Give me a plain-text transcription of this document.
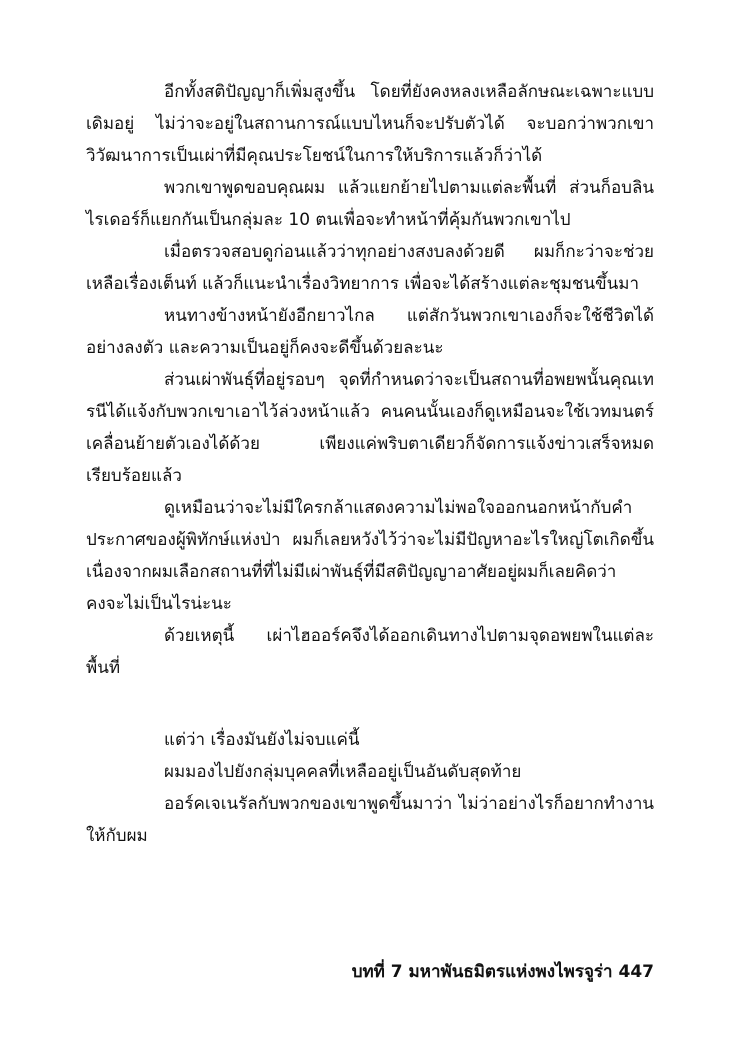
อีกทั้งสติปัญญาก็เพิ่มสูงขึ้น โดยที่ยังคงหลงเหลือลักษณะเฉพาะแบบเดิมอยู่ ไม่ว่าจะอยู่ในสถานการณ์แบบไหนก็จะปรับตัวได้ จะบอกว่าพวกเขาวิวัฒนาการเป็นเผ่าที่มีคุณประโยชน์ในการให้บริการแล้วก็ว่าได้

พวกเขาพูดขอบคุณผม แล้วแยกย้ายไปตามแต่ละพื้นที่ ส่วนก็อบลินไรเดอร์ก็แยกกันเป็นกลุ่มละ 10 ตนเพื่อจะทำหน้าที่คุ้มกันพวกเขาไป

เมื่อตรวจสอบดูก่อนแล้วว่าทุกอย่างสงบลงด้วยดี ผมก็กะว่าจะช่วยเหลือเรื่องเต็นท์ แล้วก็แนะนำเรื่องวิทยาการ เพื่อจะได้สร้างแต่ละชุมชนขึ้นมา

หนทางข้างหน้ายังอีกยาวไกล แต่สักวันพวกเขาเองก็จะใช้ชีวิตได้อย่างลงตัว และความเป็นอยู่ก็คงจะดีขึ้นด้วยละนะ

ส่วนเผ่าพันธุ์ที่อยู่รอบๆ จุดที่กำหนดว่าจะเป็นสถานที่อพยพนั้นคุณเทรนีได้แจ้งกับพวกเขาเอาไว้ล่วงหน้าแล้ว คนคนนั้นเองก็ดูเหมือนจะใช้เวทมนตร์เคลื่อนย้ายตัวเองได้ด้วย เพียงแค่พริบตาเดียวก็จัดการแจ้งข่าวเสร็จหมดเรียบร้อยแล้ว

ดูเหมือนว่าจะไม่มีใครกล้าแสดงความไม่พอใจออกนอกหน้ากับคำประกาศของผู้พิทักษ์แห่งป่า ผมก็เลยหวังไว้ว่าจะไม่มีปัญหาอะไรใหญ่โตเกิดขึ้น เนื่องจากผมเลือกสถานที่ที่ไม่มีเผ่าพันธุ์ที่มีสติปัญญาอาศัยอยู่ผมก็เลยคิดว่าคงจะไม่เป็นไรน่ะนะ

ด้วยเหตุนี้ เผ่าไฮออร์คจึงได้ออกเดินทางไปตามจุดอพยพในแต่ละพื้นที่

แต่ว่า เรื่องมันยังไม่จบแค่นี้

ผมมองไปยังกลุ่มบุคคลที่เหลืออยู่เป็นอันดับสุดท้าย

ออร์คเจเนรัลกับพวกของเขาพูดขึ้นมาว่า ไม่ว่าอย่างไรก็อยากทำงานให้กับผม

บทที่ 7 มหาพันธมิตรแห่งพงไพรจูร่า 447
